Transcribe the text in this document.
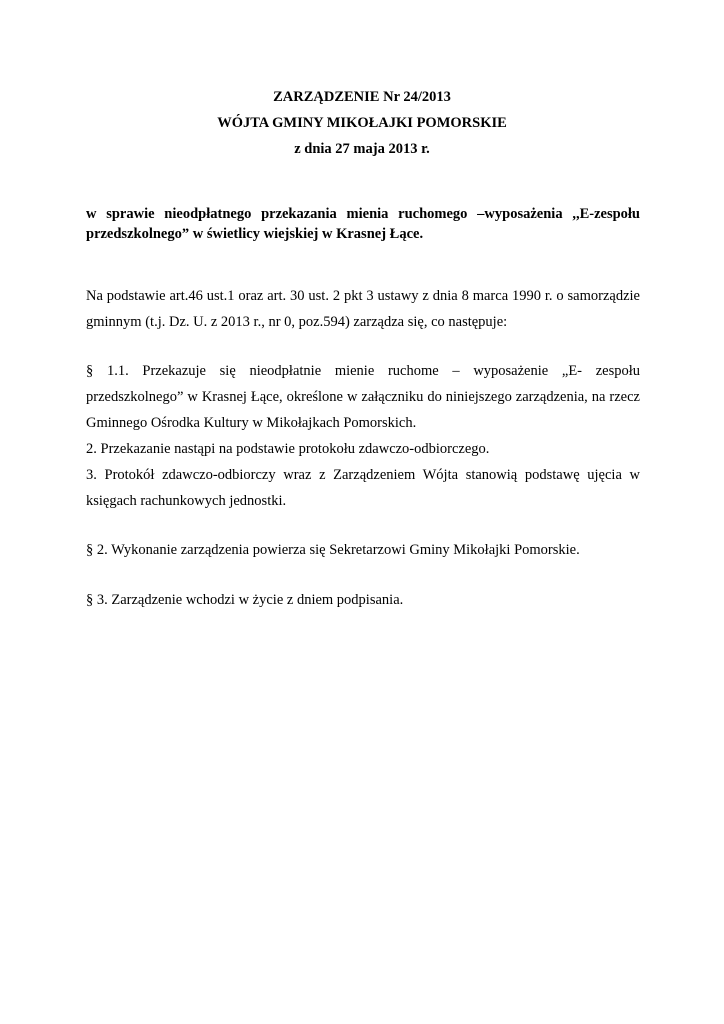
ZARZĄDZENIE Nr 24/2013
WÓJTA GMINY MIKOŁAJKI POMORSKIE
z dnia 27 maja 2013 r.
w sprawie nieodpłatnego przekazania mienia ruchomego –wyposażenia ,,E-zespołu przedszkolnego” w świetlicy wiejskiej w Krasnej Łące.

Na podstawie art.46 ust.1 oraz art. 30 ust. 2 pkt 3 ustawy z dnia 8 marca 1990 r. o samorządzie gminnym (t.j. Dz. U. z 2013 r., nr 0, poz.594) zarządza się, co następuje:

§ 1.1. Przekazuje się nieodpłatnie mienie ruchome – wyposażenie „E- zespołu przedszkolnego” w Krasnej Łące, określone w załączniku do niniejszego zarządzenia, na rzecz Gminnego Ośrodka Kultury w Mikołajkach Pomorskich.

2. Przekazanie nastąpi na podstawie protokołu zdawczo-odbiorczego.

3. Protokół zdawczo-odbiorczy wraz z Zarządzeniem Wójta stanowią podstawę ujęcia w księgach rachunkowych jednostki.

§ 2. Wykonanie zarządzenia powierza się Sekretarzowi Gminy Mikołajki Pomorskie.

§ 3. Zarządzenie wchodzi w życie z dniem podpisania.
